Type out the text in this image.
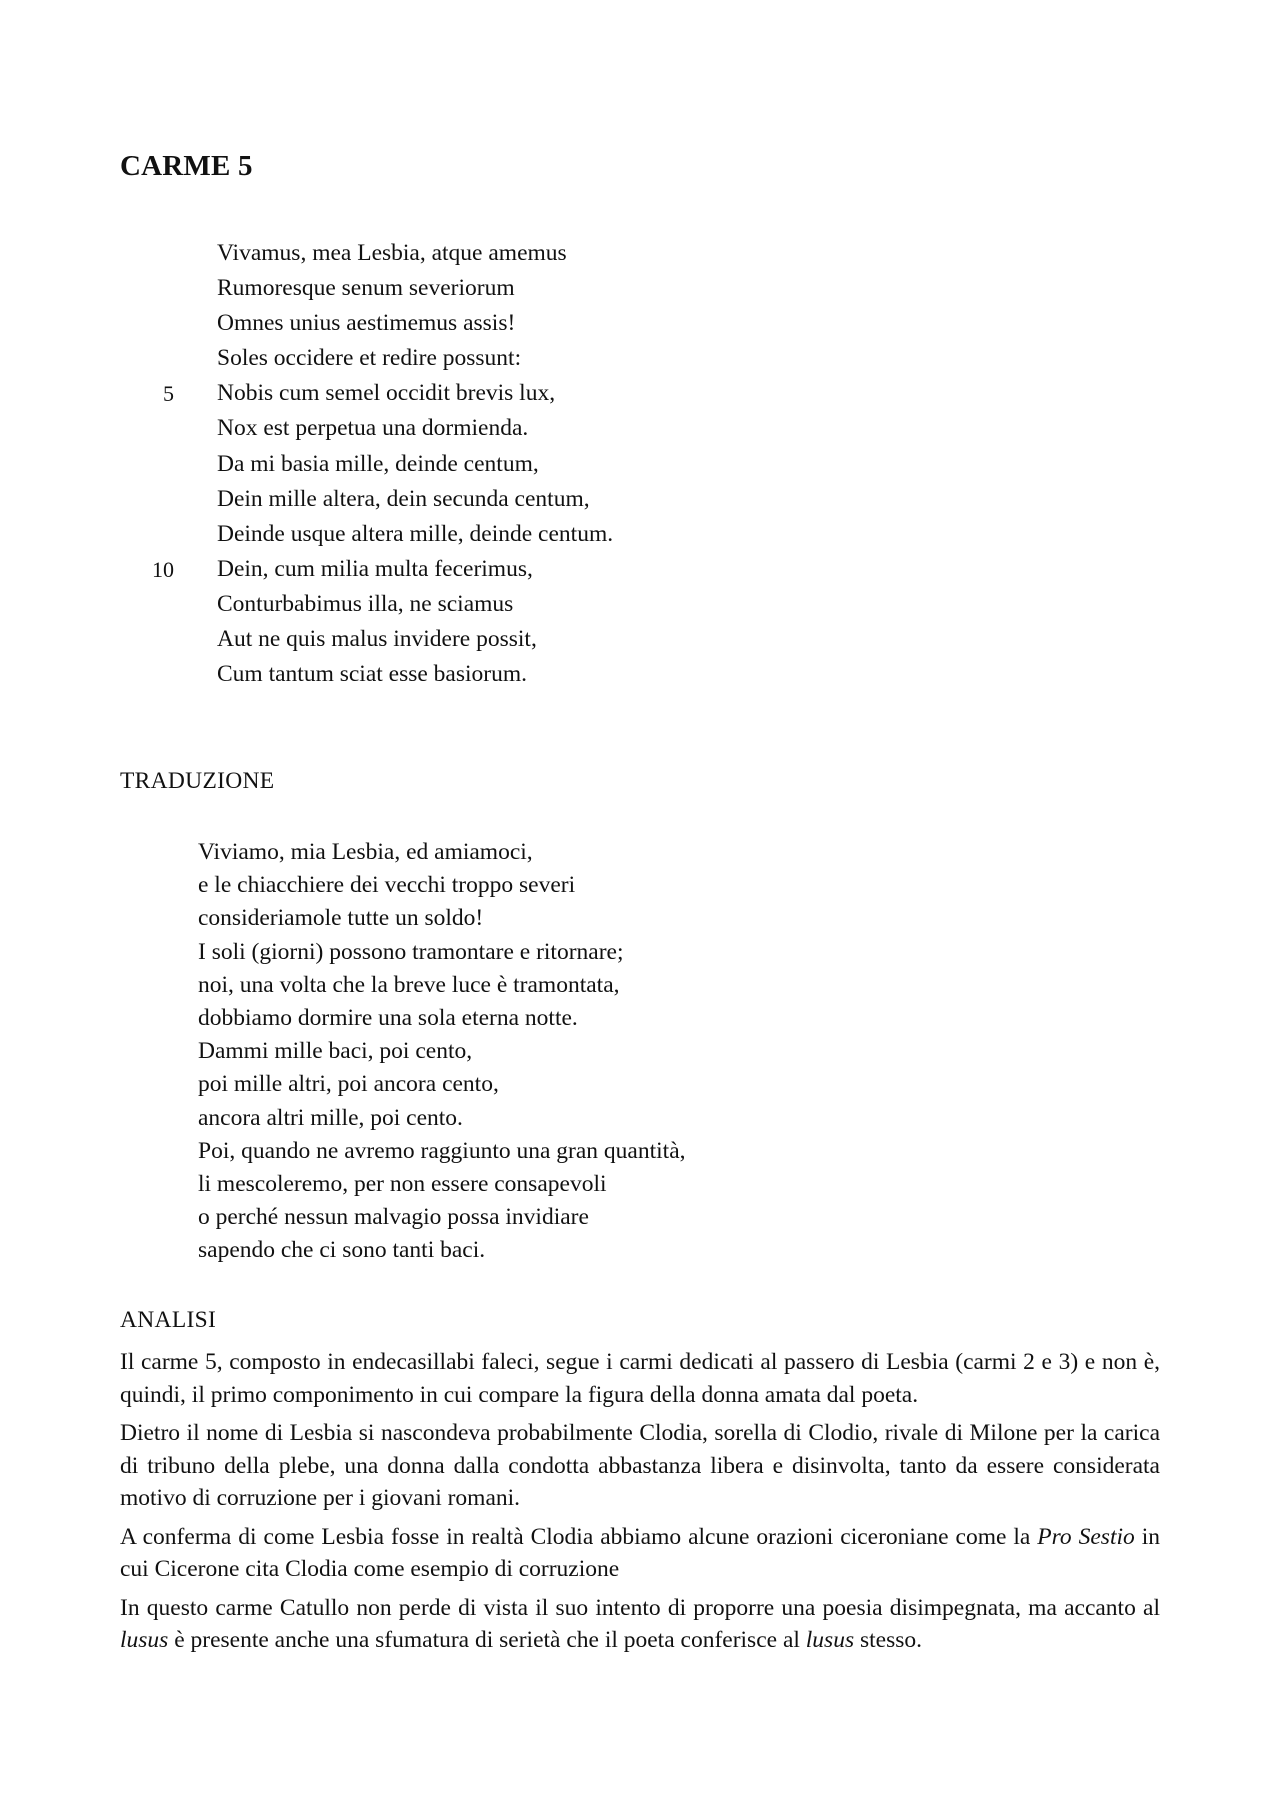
CARME 5
Vivamus, mea Lesbia, atque amemus
Rumoresque senum severiorum
Omnes unius aestimemus assis!
Soles occidere et redire possunt:
5 Nobis cum semel occidit brevis lux,
Nox est perpetua una dormienda.
Da mi basia mille, deinde centum,
Dein mille altera, dein secunda centum,
Deinde usque altera mille, deinde centum.
10 Dein, cum milia multa fecerimus,
Conturbabimus illa, ne sciamus
Aut ne quis malus invidere possit,
Cum tantum sciat esse basiorum.
TRADUZIONE
Viviamo, mia Lesbia, ed amiamoci,
e le chiacchiere dei vecchi troppo severi
consideriamole tutte un soldo!
I soli (giorni) possono tramontare e ritornare;
noi, una volta che la breve luce è tramontata,
dobbiamo dormire una sola eterna notte.
Dammi mille baci, poi cento,
poi mille altri, poi ancora cento,
ancora altri mille, poi cento.
Poi, quando ne avremo raggiunto una gran quantità,
li mescoleremo, per non essere consapevoli
o perché nessun malvagio possa invidiare
sapendo che ci sono tanti baci.
ANALISI

Il carme 5, composto in endecasillabi faleci, segue i carmi dedicati al passero di Lesbia (carmi 2 e 3) e non è, quindi, il primo componimento in cui compare la figura della donna amata dal poeta.

Dietro il nome di Lesbia si nascondeva probabilmente Clodia, sorella di Clodio, rivale di Milone per la carica di tribuno della plebe, una donna dalla condotta abbastanza libera e disinvolta, tanto da essere considerata motivo di corruzione per i giovani romani.

A conferma di come Lesbia fosse in realtà Clodia abbiamo alcune orazioni ciceroniane come la Pro Sestio in cui Cicerone cita Clodia come esempio di corruzione

In questo carme Catullo non perde di vista il suo intento di proporre una poesia disimpegnata, ma accanto al lusus è presente anche una sfumatura di serietà che il poeta conferisce al lusus stesso.
